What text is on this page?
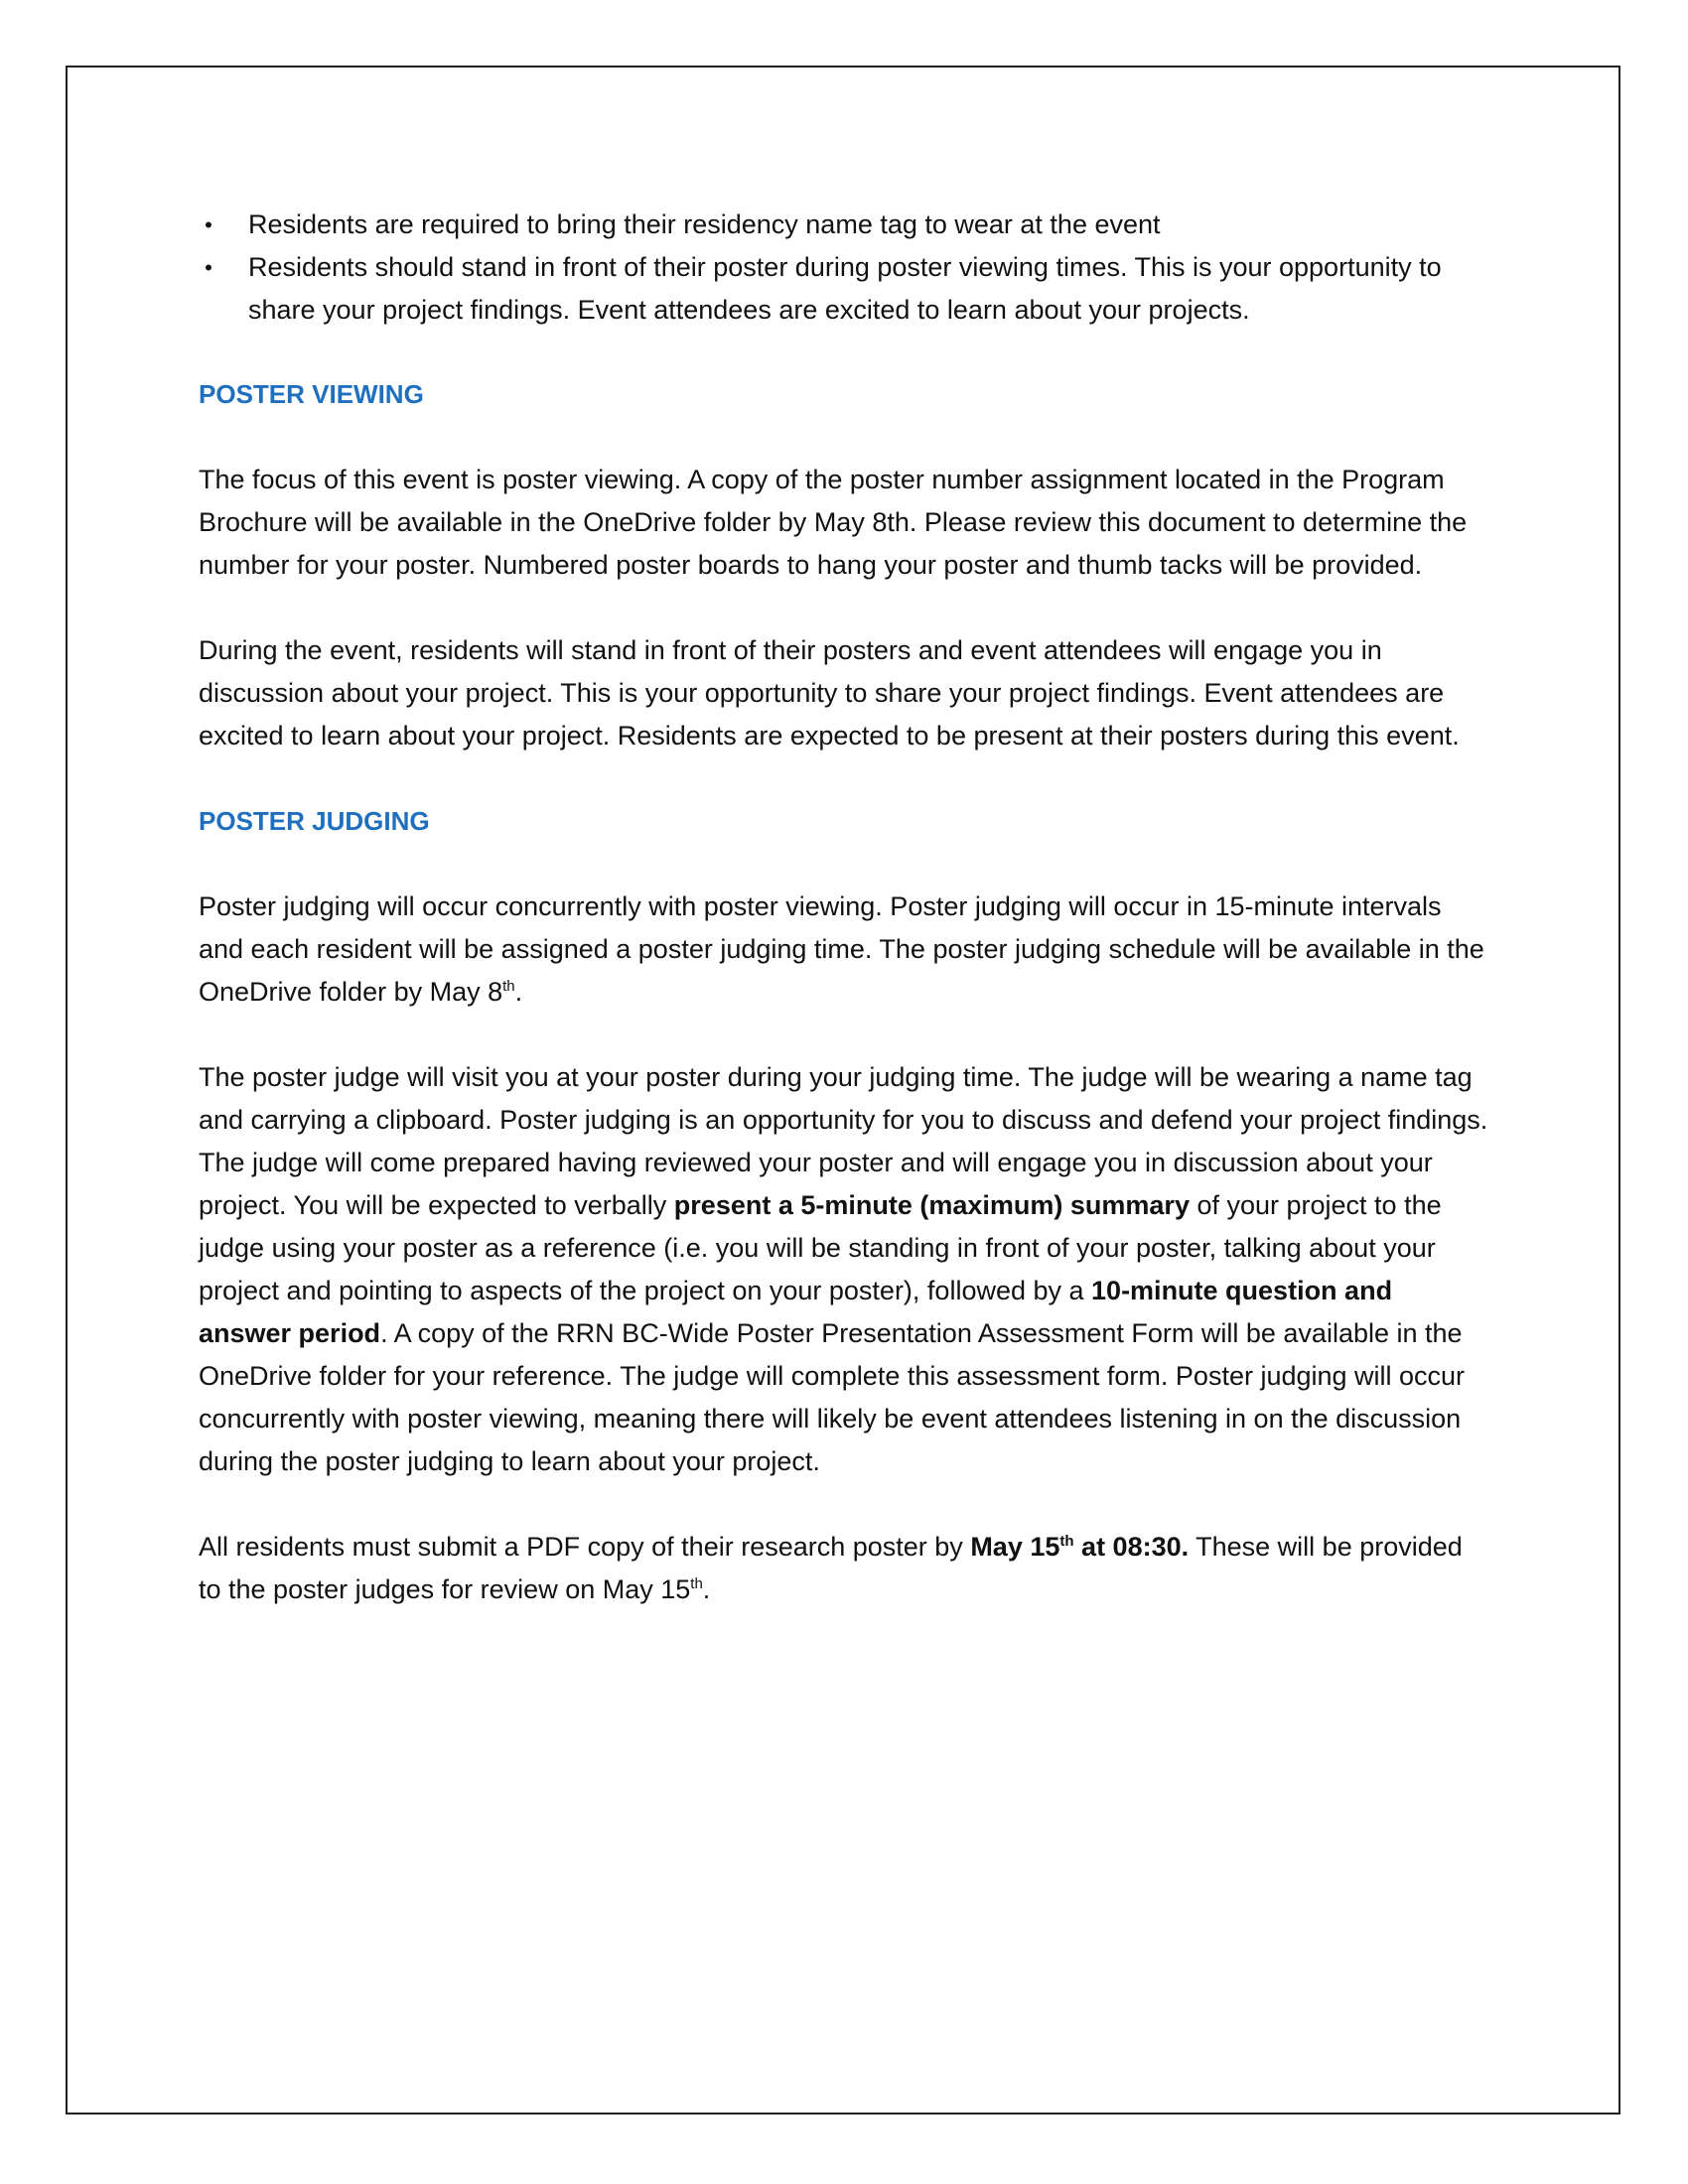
• Residents are required to bring their residency name tag to wear at the event
• Residents should stand in front of their poster during poster viewing times. This is your opportunity to share your project findings. Event attendees are excited to learn about your projects.
POSTER VIEWING

The focus of this event is poster viewing. A copy of the poster number assignment located in the Program Brochure will be available in the OneDrive folder by May 8th. Please review this document to determine the number for your poster. Numbered poster boards to hang your poster and thumb tacks will be provided.

During the event, residents will stand in front of their posters and event attendees will engage you in discussion about your project. This is your opportunity to share your project findings. Event attendees are excited to learn about your project. Residents are expected to be present at their posters during this event.

POSTER JUDGING

Poster judging will occur concurrently with poster viewing. Poster judging will occur in 15-minute intervals and each resident will be assigned a poster judging time. The poster judging schedule will be available in the OneDrive folder by May 8th.

The poster judge will visit you at your poster during your judging time. The judge will be wearing a name tag and carrying a clipboard. Poster judging is an opportunity for you to discuss and defend your project findings. The judge will come prepared having reviewed your poster and will engage you in discussion about your project. You will be expected to verbally present a 5-minute (maximum) summary of your project to the judge using your poster as a reference (i.e. you will be standing in front of your poster, talking about your project and pointing to aspects of the project on your poster), followed by a 10-minute question and answer period. A copy of the RRN BC-Wide Poster Presentation Assessment Form will be available in the OneDrive folder for your reference. The judge will complete this assessment form. Poster judging will occur concurrently with poster viewing, meaning there will likely be event attendees listening in on the discussion during the poster judging to learn about your project.

All residents must submit a PDF copy of their research poster by May 15th at 08:30. These will be provided to the poster judges for review on May 15th.
